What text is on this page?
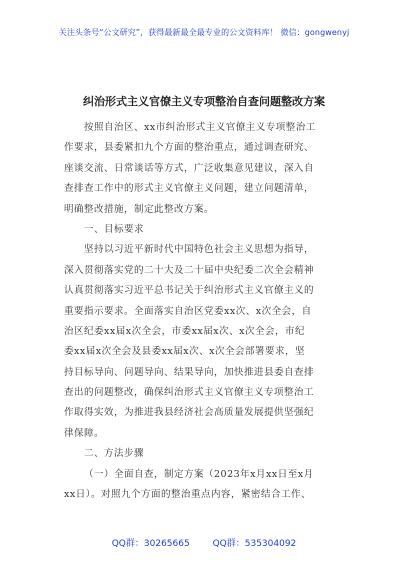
关注头条号“公文研究”，获得最新最全最专业的公文资料库！ 微信：gongwenyj
纠治形式主义官僚主义专项整治自查问题整改方案
按照自治区、xx市纠治形式主义官僚主义专项整治工
作要求，县委紧扣九个方面的整治重点，通过调查研究、
座谈交流、日常谈话等方式，广泛收集意见建议，深入自
查排查工作中的形式主义官僚主义问题，建立问题清单，
明确整改措施，制定此整改方案。
一、目标要求
坚持以习近平新时代中国特色社会主义思想为指导，
深入贯彻落实党的二十大及二十届中央纪委二次全会精神
认真贯彻落实习近平总书记关于纠治形式主义官僚主义的
重要指示要求。全面落实自治区党委xx次、x次全会，自
治区纪委xx届x次全会，市委xx届x次、x次全会，市纪
委xx届x次全会及县委xx届x次、x次全会部署要求，坚
持目标导向、问题导向、结果导向，加快推进县委自查排
查出的问题整改，确保纠治形式主义官僚主义专项整治工
作取得实效，为推进我县经济社会高质量发展提供坚强纪
律保障。
二、方法步骤
（一）全面自查，制定方案（2023年x月xx日至x月
xx日）。对照九个方面的整治重点内容，紧密结合工作、
QQ群：30265665	QQ群：535304092
